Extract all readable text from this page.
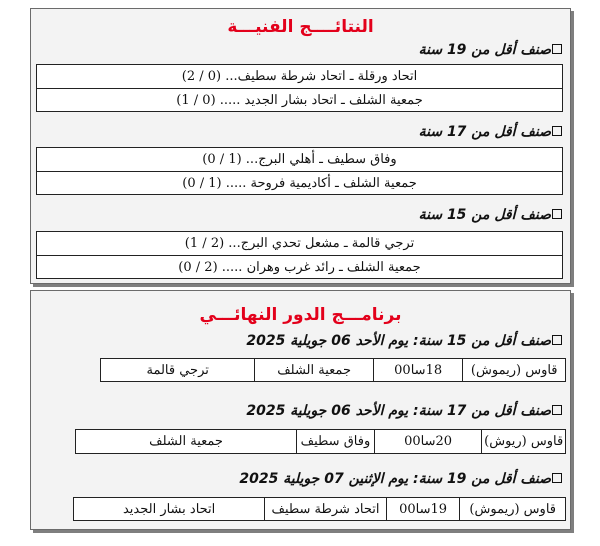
النتائــــج الفنيـــة
صنف أقل من 19 سنة
اتحاد ورقلة ـ اتحاد شرطة سطيف... (0 / 2)
جمعية الشلف ـ اتحاد بشار الجديد ..... (0 / 1)
صنف أقل من 17 سنة
وفاق سطيف ـ أهلي البرج... (1 / 0)
جمعية الشلف ـ أكاديمية فروحة ..... (1 / 0)
صنف أقل من 15 سنة
ترجي قالمة ـ مشعل تحدي البرج... (2 / 1)
جمعية الشلف ـ رائد غرب وهران ..... (2 / 0)
برنامـــج الدور النهائـــي
صنف أقل من 15 سنة: يوم الأحد 06 جويلية 2025
قاوس (ريموش)
18سا00
جمعية الشلف
ترجي قالمة
صنف أقل من 17 سنة: يوم الأحد 06 جويلية 2025
قاوس (ريوش)
20سا00
وفاق سطيف
جمعية الشلف
صنف أقل من 19 سنة: يوم الإثنين 07 جويلية 2025
قاوس (ريموش)
19سا00
اتحاد شرطة سطيف
اتحاد بشار الجديد
